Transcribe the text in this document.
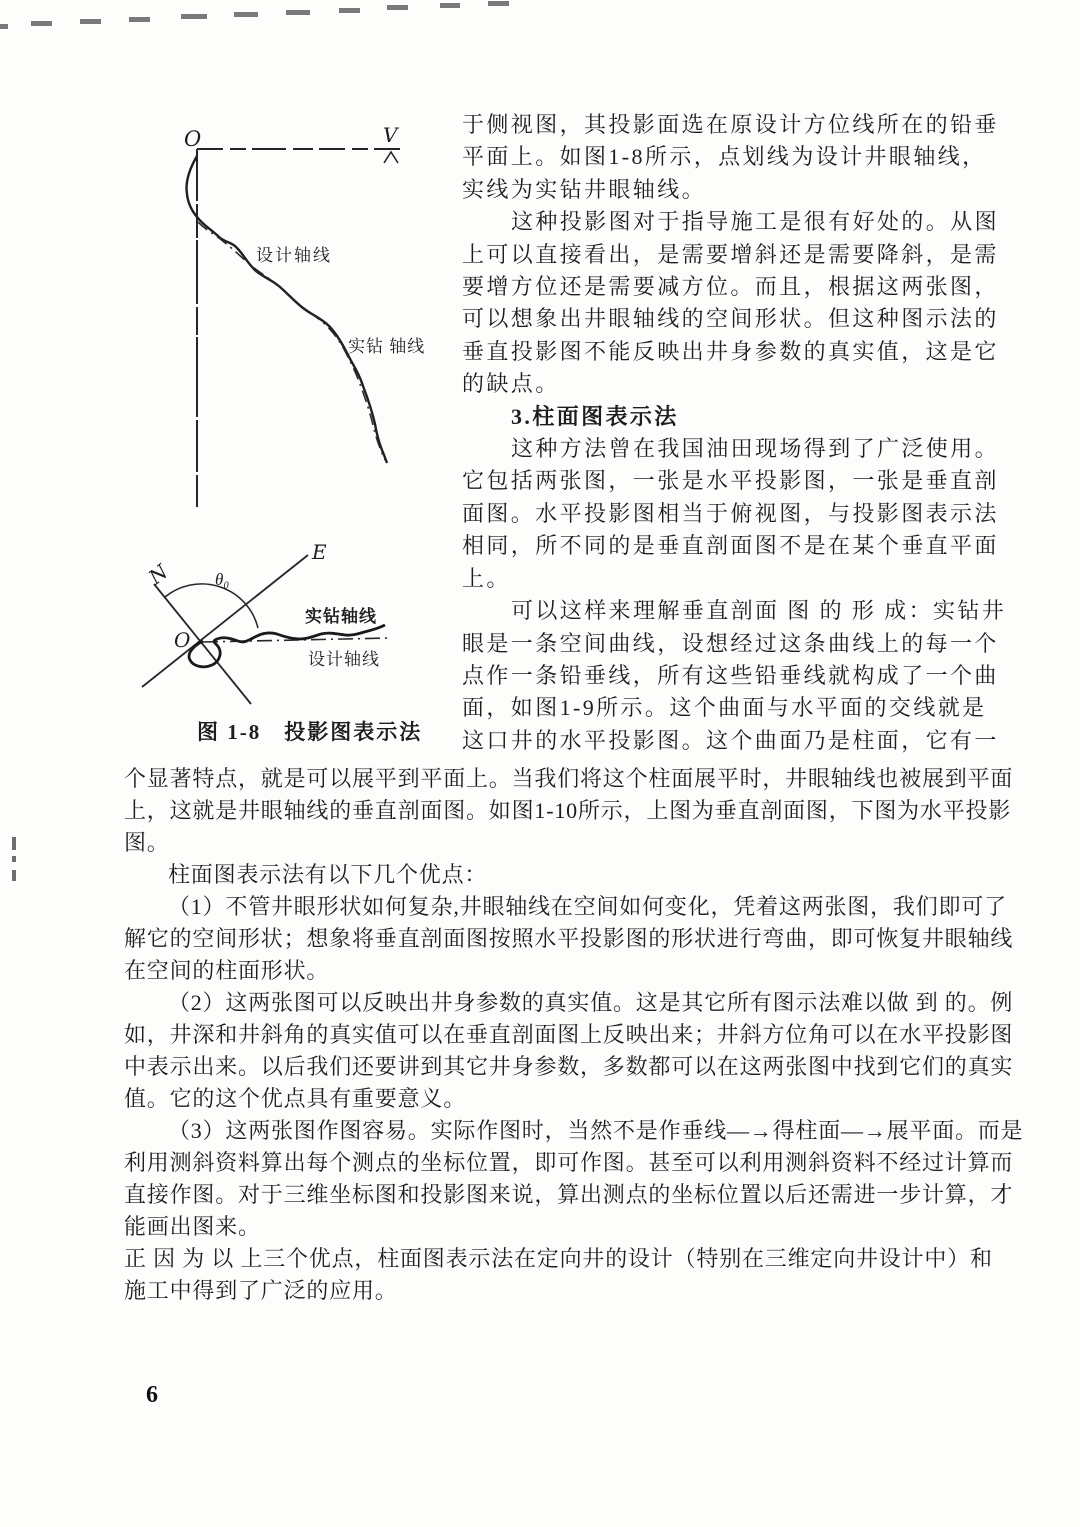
O	V
设计轴线
实钻 轴线
N
E
θ₀
O
实钻轴线
设计轴线
图 1-8　投影图表示法
于侧视图，其投影面选在原设计方位线所在的铅垂
平面上。如图1-8所示，点划线为设计井眼轴线，
实线为实钻井眼轴线。
这种投影图对于指导施工是很有好处的。从图
上可以直接看出，是需要增斜还是需要降斜，是需
要增方位还是需要减方位。而且，根据这两张图，
可以想象出井眼轴线的空间形状。但这种图示法的
垂直投影图不能反映出井身参数的真实值，这是它
的缺点。
3.柱面图表示法
这种方法曾在我国油田现场得到了广泛使用。
它包括两张图，一张是水平投影图，一张是垂直剖
面图。水平投影图相当于俯视图，与投影图表示法
相同，所不同的是垂直剖面图不是在某个垂直平面
上。
可以这样来理解垂直剖面 图 的 形 成：实钻井
眼是一条空间曲线，设想经过这条曲线上的每一个
点作一条铅垂线，所有这些铅垂线就构成了一个曲
面，如图1-9所示。这个曲面与水平面的交线就是
这口井的水平投影图。这个曲面乃是柱面，它有一
个显著特点，就是可以展平到平面上。当我们将这个柱面展平时，井眼轴线也被展到平面
上，这就是井眼轴线的垂直剖面图。如图1-10所示，上图为垂直剖面图，下图为水平投影
图。
柱面图表示法有以下几个优点：
（1）不管井眼形状如何复杂,井眼轴线在空间如何变化，凭着这两张图，我们即可了
解它的空间形状；想象将垂直剖面图按照水平投影图的形状进行弯曲，即可恢复井眼轴线
在空间的柱面形状。
（2）这两张图可以反映出井身参数的真实值。这是其它所有图示法难以做 到 的。例
如，井深和井斜角的真实值可以在垂直剖面图上反映出来；井斜方位角可以在水平投影图
中表示出来。以后我们还要讲到其它井身参数，多数都可以在这两张图中找到它们的真实
值。它的这个优点具有重要意义。
（3）这两张图作图容易。实际作图时，当然不是作垂线—→得柱面—→展平面。而是
利用测斜资料算出每个测点的坐标位置，即可作图。甚至可以利用测斜资料不经过计算而
直接作图。对于三维坐标图和投影图来说，算出测点的坐标位置以后还需进一步计算，才
能画出图来。
正 因 为 以 上三个优点，柱面图表示法在定向井的设计（特别在三维定向井设计中）和
施工中得到了广泛的应用。
6
